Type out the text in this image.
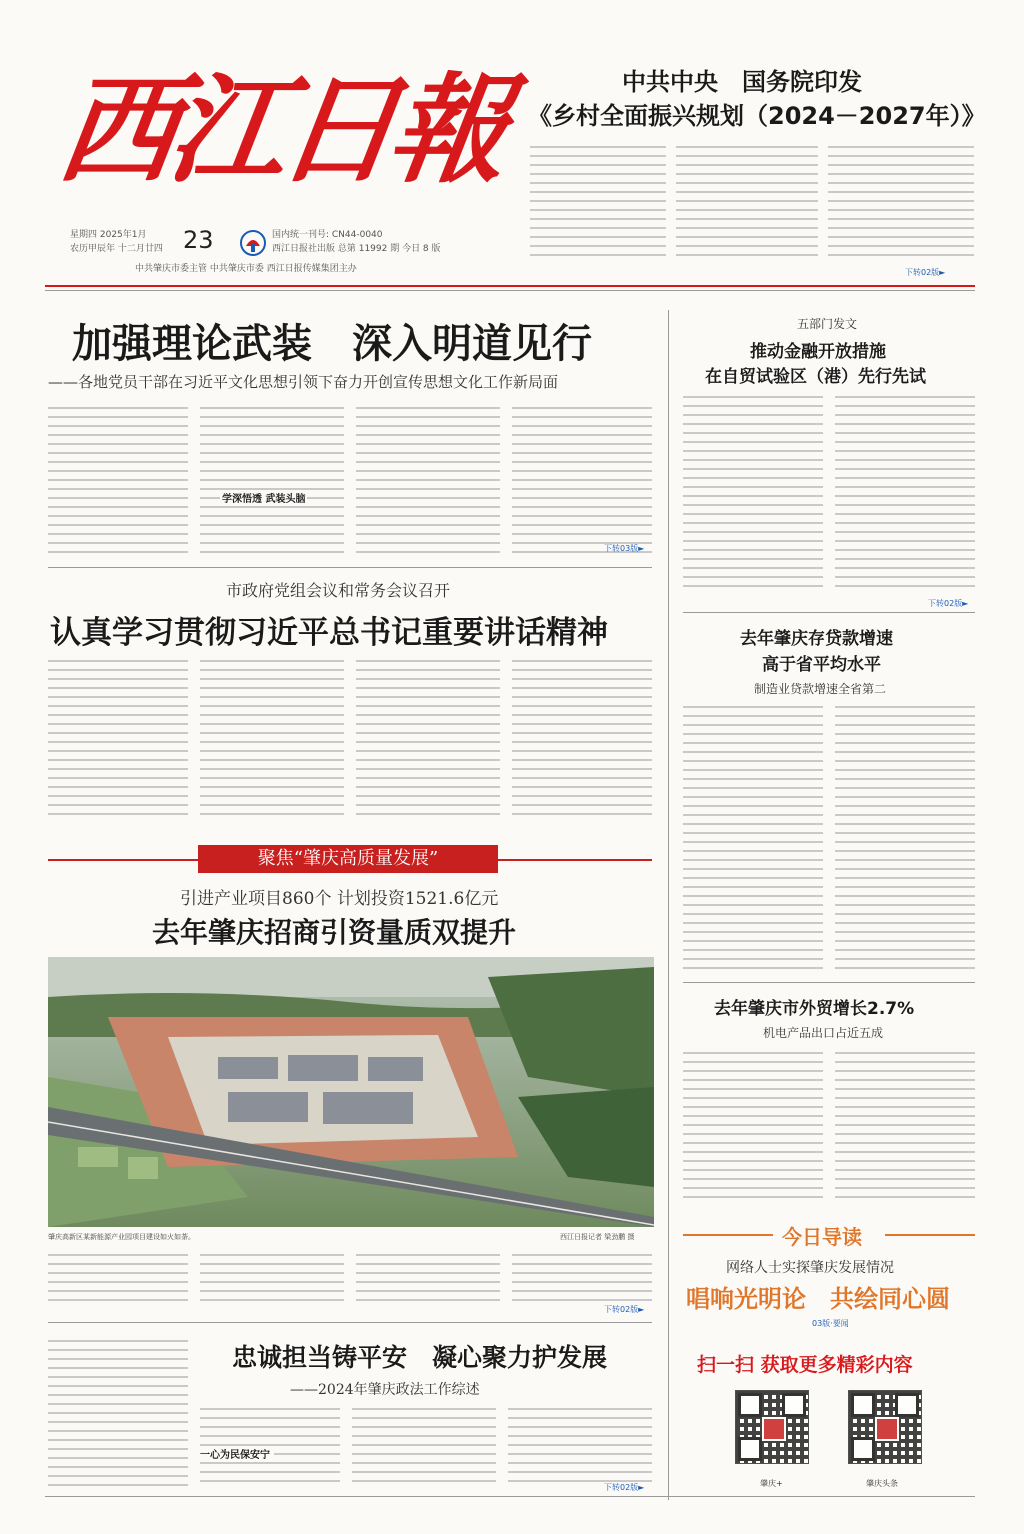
西江日報
星期四 2025年1月
农历甲辰年 十二月廿四 23	国内统一刊号: CN44-0040
西江日报社出版 总第 11992 期 今日 8 版
中共肇庆市委主管 中共肇庆市委 西江日报传媒集团主办
中共中央　国务院印发
《乡村全面振兴规划（2024－2027年）》
下转02版►
加强理论武装　深入明道见行
——各地党员干部在习近平文化思想引领下奋力开创宣传思想文化工作新局面
学深悟透 武装头脑
下转03版►
市政府党组会议和常务会议召开
认真学习贯彻习近平总书记重要讲话精神
聚焦“肇庆高质量发展”
引进产业项目860个 计划投资1521.6亿元
去年肇庆招商引资量质双提升
肇庆高新区某新能源产业园项目建设如火如荼。	西江日报记者 梁劲鹏 摄
下转02版►
忠诚担当铸平安　凝心聚力护发展
——2024年肇庆政法工作综述
一心为民保安宁
下转02版►
五部门发文
推动金融开放措施
在自贸试验区（港）先行先试
下转02版►
去年肇庆存贷款增速
高于省平均水平
制造业贷款增速全省第二
去年肇庆市外贸增长2.7%
机电产品出口占近五成
今日导读
网络人士实探肇庆发展情况
唱响光明论　共绘同心圆
03版·要闻
扫一扫 获取更多精彩内容
肇庆+	肇庆头条
